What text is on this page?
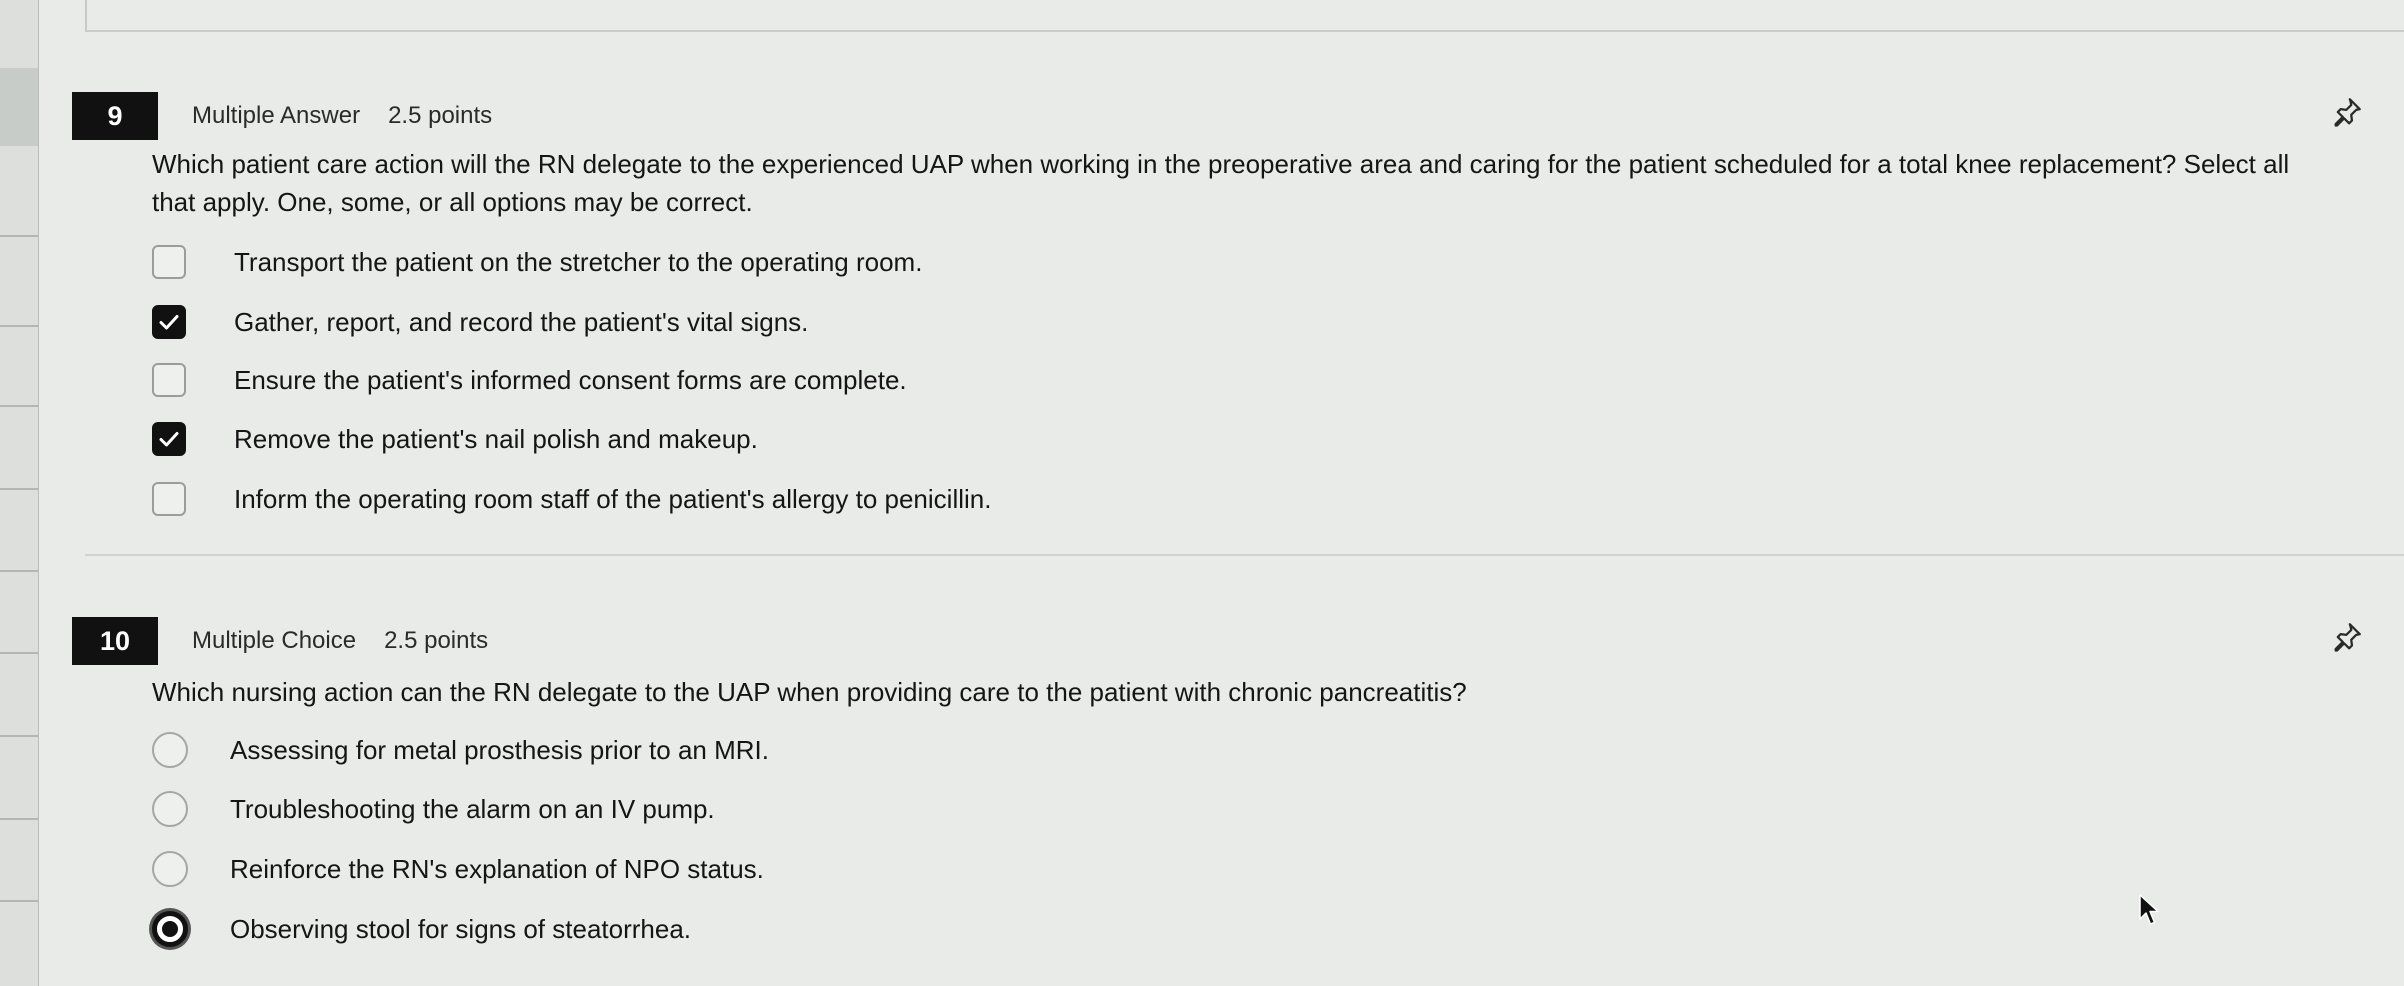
9	Multiple Answer 2.5 points
Which patient care action will the RN delegate to the experienced UAP when working in the preoperative area and caring for the patient scheduled for a total knee replacement? Select all that apply. One, some, or all options may be correct.
Transport the patient on the stretcher to the operating room.
Gather, report, and record the patient's vital signs.
Ensure the patient's informed consent forms are complete.
Remove the patient's nail polish and makeup.
Inform the operating room staff of the patient's allergy to penicillin.
10	Multiple Choice 2.5 points
Which nursing action can the RN delegate to the UAP when providing care to the patient with chronic pancreatitis?
Assessing for metal prosthesis prior to an MRI.
Troubleshooting the alarm on an IV pump.
Reinforce the RN's explanation of NPO status.
Observing stool for signs of steatorrhea.
